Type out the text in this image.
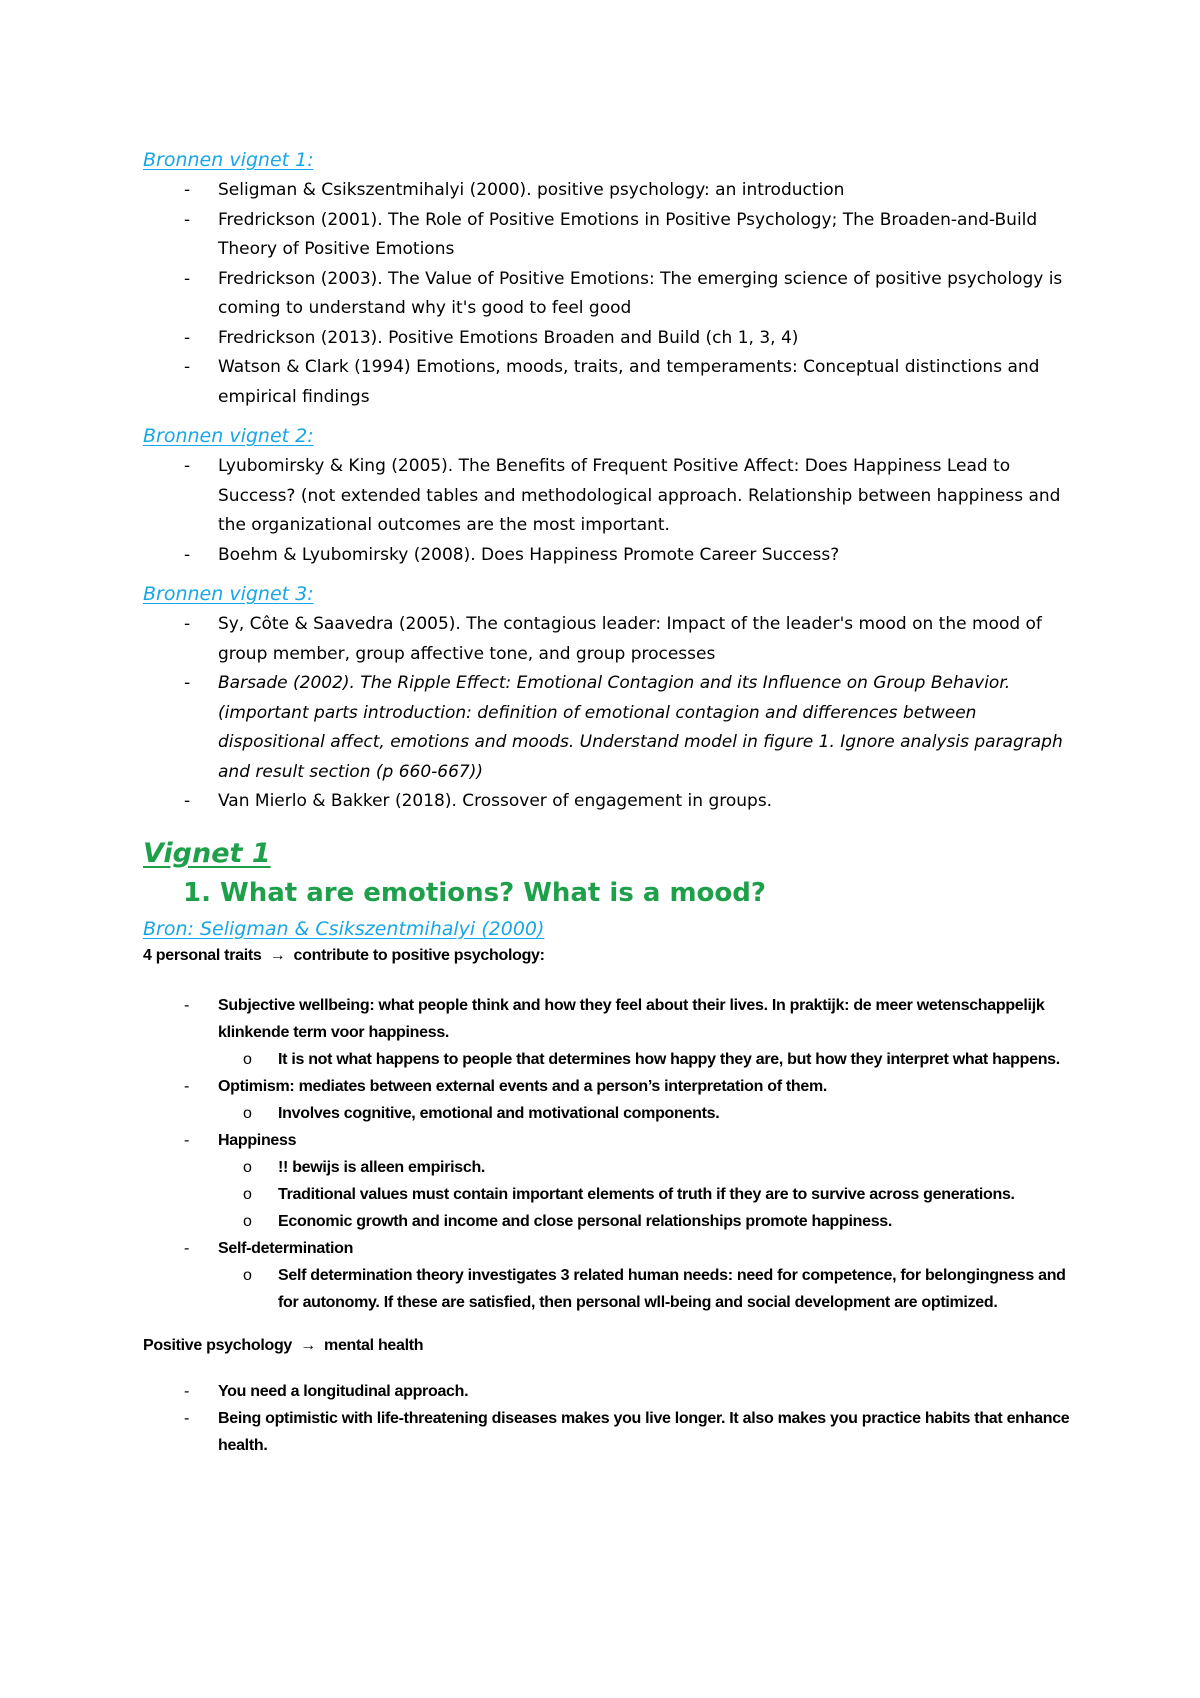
Bronnen vignet 1:
- Seligman & Csikszentmihalyi (2000). positive psychology: an introduction
- Fredrickson (2001). The Role of Positive Emotions in Positive Psychology; The Broaden-and-Build Theory of Positive Emotions
- Fredrickson (2003). The Value of Positive Emotions: The emerging science of positive psychology is coming to understand why it's good to feel good
- Fredrickson (2013). Positive Emotions Broaden and Build (ch 1, 3, 4)
- Watson & Clark (1994) Emotions, moods, traits, and temperaments: Conceptual distinctions and empirical findings
Bronnen vignet 2:
- Lyubomirsky & King (2005). The Benefits of Frequent Positive Affect: Does Happiness Lead to Success? (not extended tables and methodological approach. Relationship between happiness and the organizational outcomes are the most important.
- Boehm & Lyubomirsky (2008). Does Happiness Promote Career Success?
Bronnen vignet 3:
- Sy, Côte & Saavedra (2005). The contagious leader: Impact of the leader's mood on the mood of group member, group affective tone, and group processes
- Barsade (2002). The Ripple Effect: Emotional Contagion and its Influence on Group Behavior. (important parts introduction: definition of emotional contagion and differences between dispositional affect, emotions and moods. Understand model in figure 1. Ignore analysis paragraph and result section (p 660-667))
- Van Mierlo & Bakker (2018). Crossover of engagement in groups.
Vignet 1
1. What are emotions? What is a mood?
Bron: Seligman & Csikszentmihalyi (2000)
4 personal traits → contribute to positive psychology:
- Subjective wellbeing: what people think and how they feel about their lives. In praktijk: de meer wetenschappelijk klinkende term voor happiness.
o It is not what happens to people that determines how happy they are, but how they interpret what happens.
- Optimism: mediates between external events and a person’s interpretation of them.
o Involves cognitive, emotional and motivational components.
- Happiness
o !! bewijs is alleen empirisch.
o Traditional values must contain important elements of truth if they are to survive across generations.
o Economic growth and income and close personal relationships promote happiness.
- Self-determination
o Self determination theory investigates 3 related human needs: need for competence, for belongingness and for autonomy. If these are satisfied, then personal wll-being and social development are optimized.
Positive psychology → mental health
- You need a longitudinal approach.
- Being optimistic with life-threatening diseases makes you live longer. It also makes you practice habits that enhance health.
